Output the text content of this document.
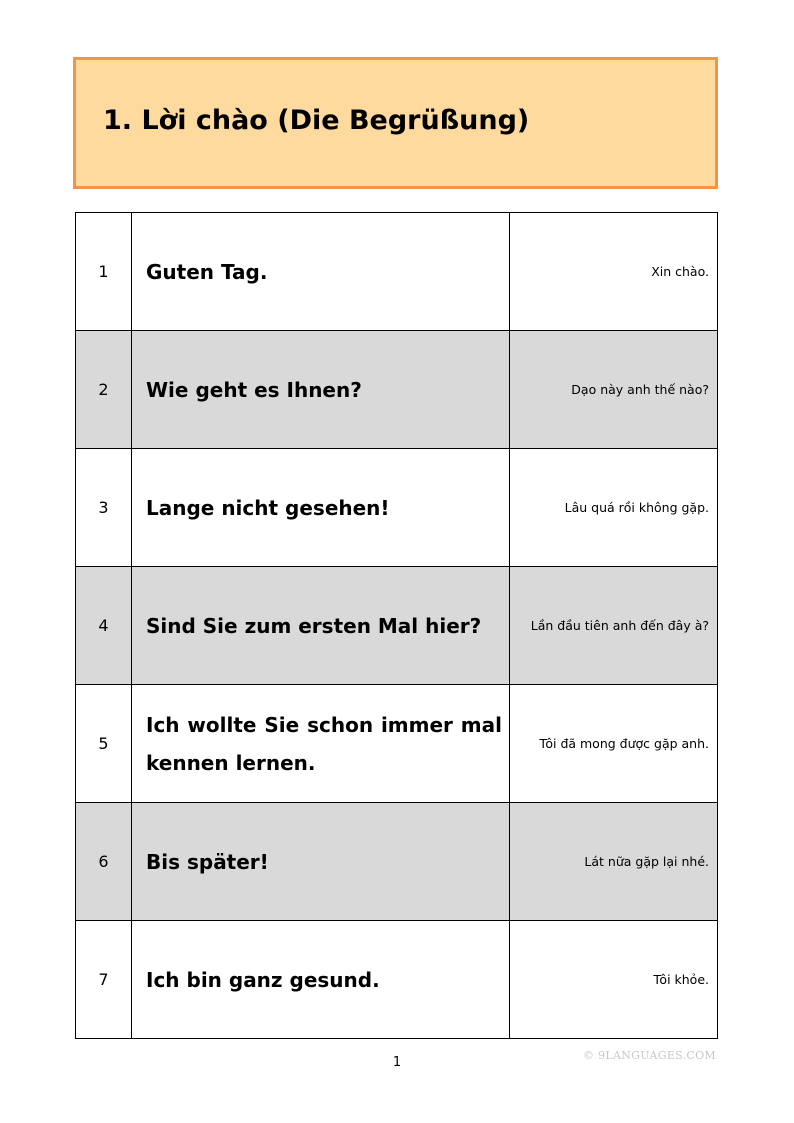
1. Lời chào (Die Begrüßung)
1	Guten Tag.	Xin chào.
2	Wie geht es Ihnen?	Dạo này anh thế nào?
3	Lange nicht gesehen!	Lâu quá rồi không gặp.
4	Sind Sie zum ersten Mal hier?	Lần đầu tiên anh đến đây à?
5	Ich wollte Sie schon immer mal kennen lernen.	Tôi đã mong được gặp anh.
6	Bis später!	Lát nữa gặp lại nhé.
7	Ich bin ganz gesund.	Tôi khỏe.
© 9LANGUAGES.COM
1
